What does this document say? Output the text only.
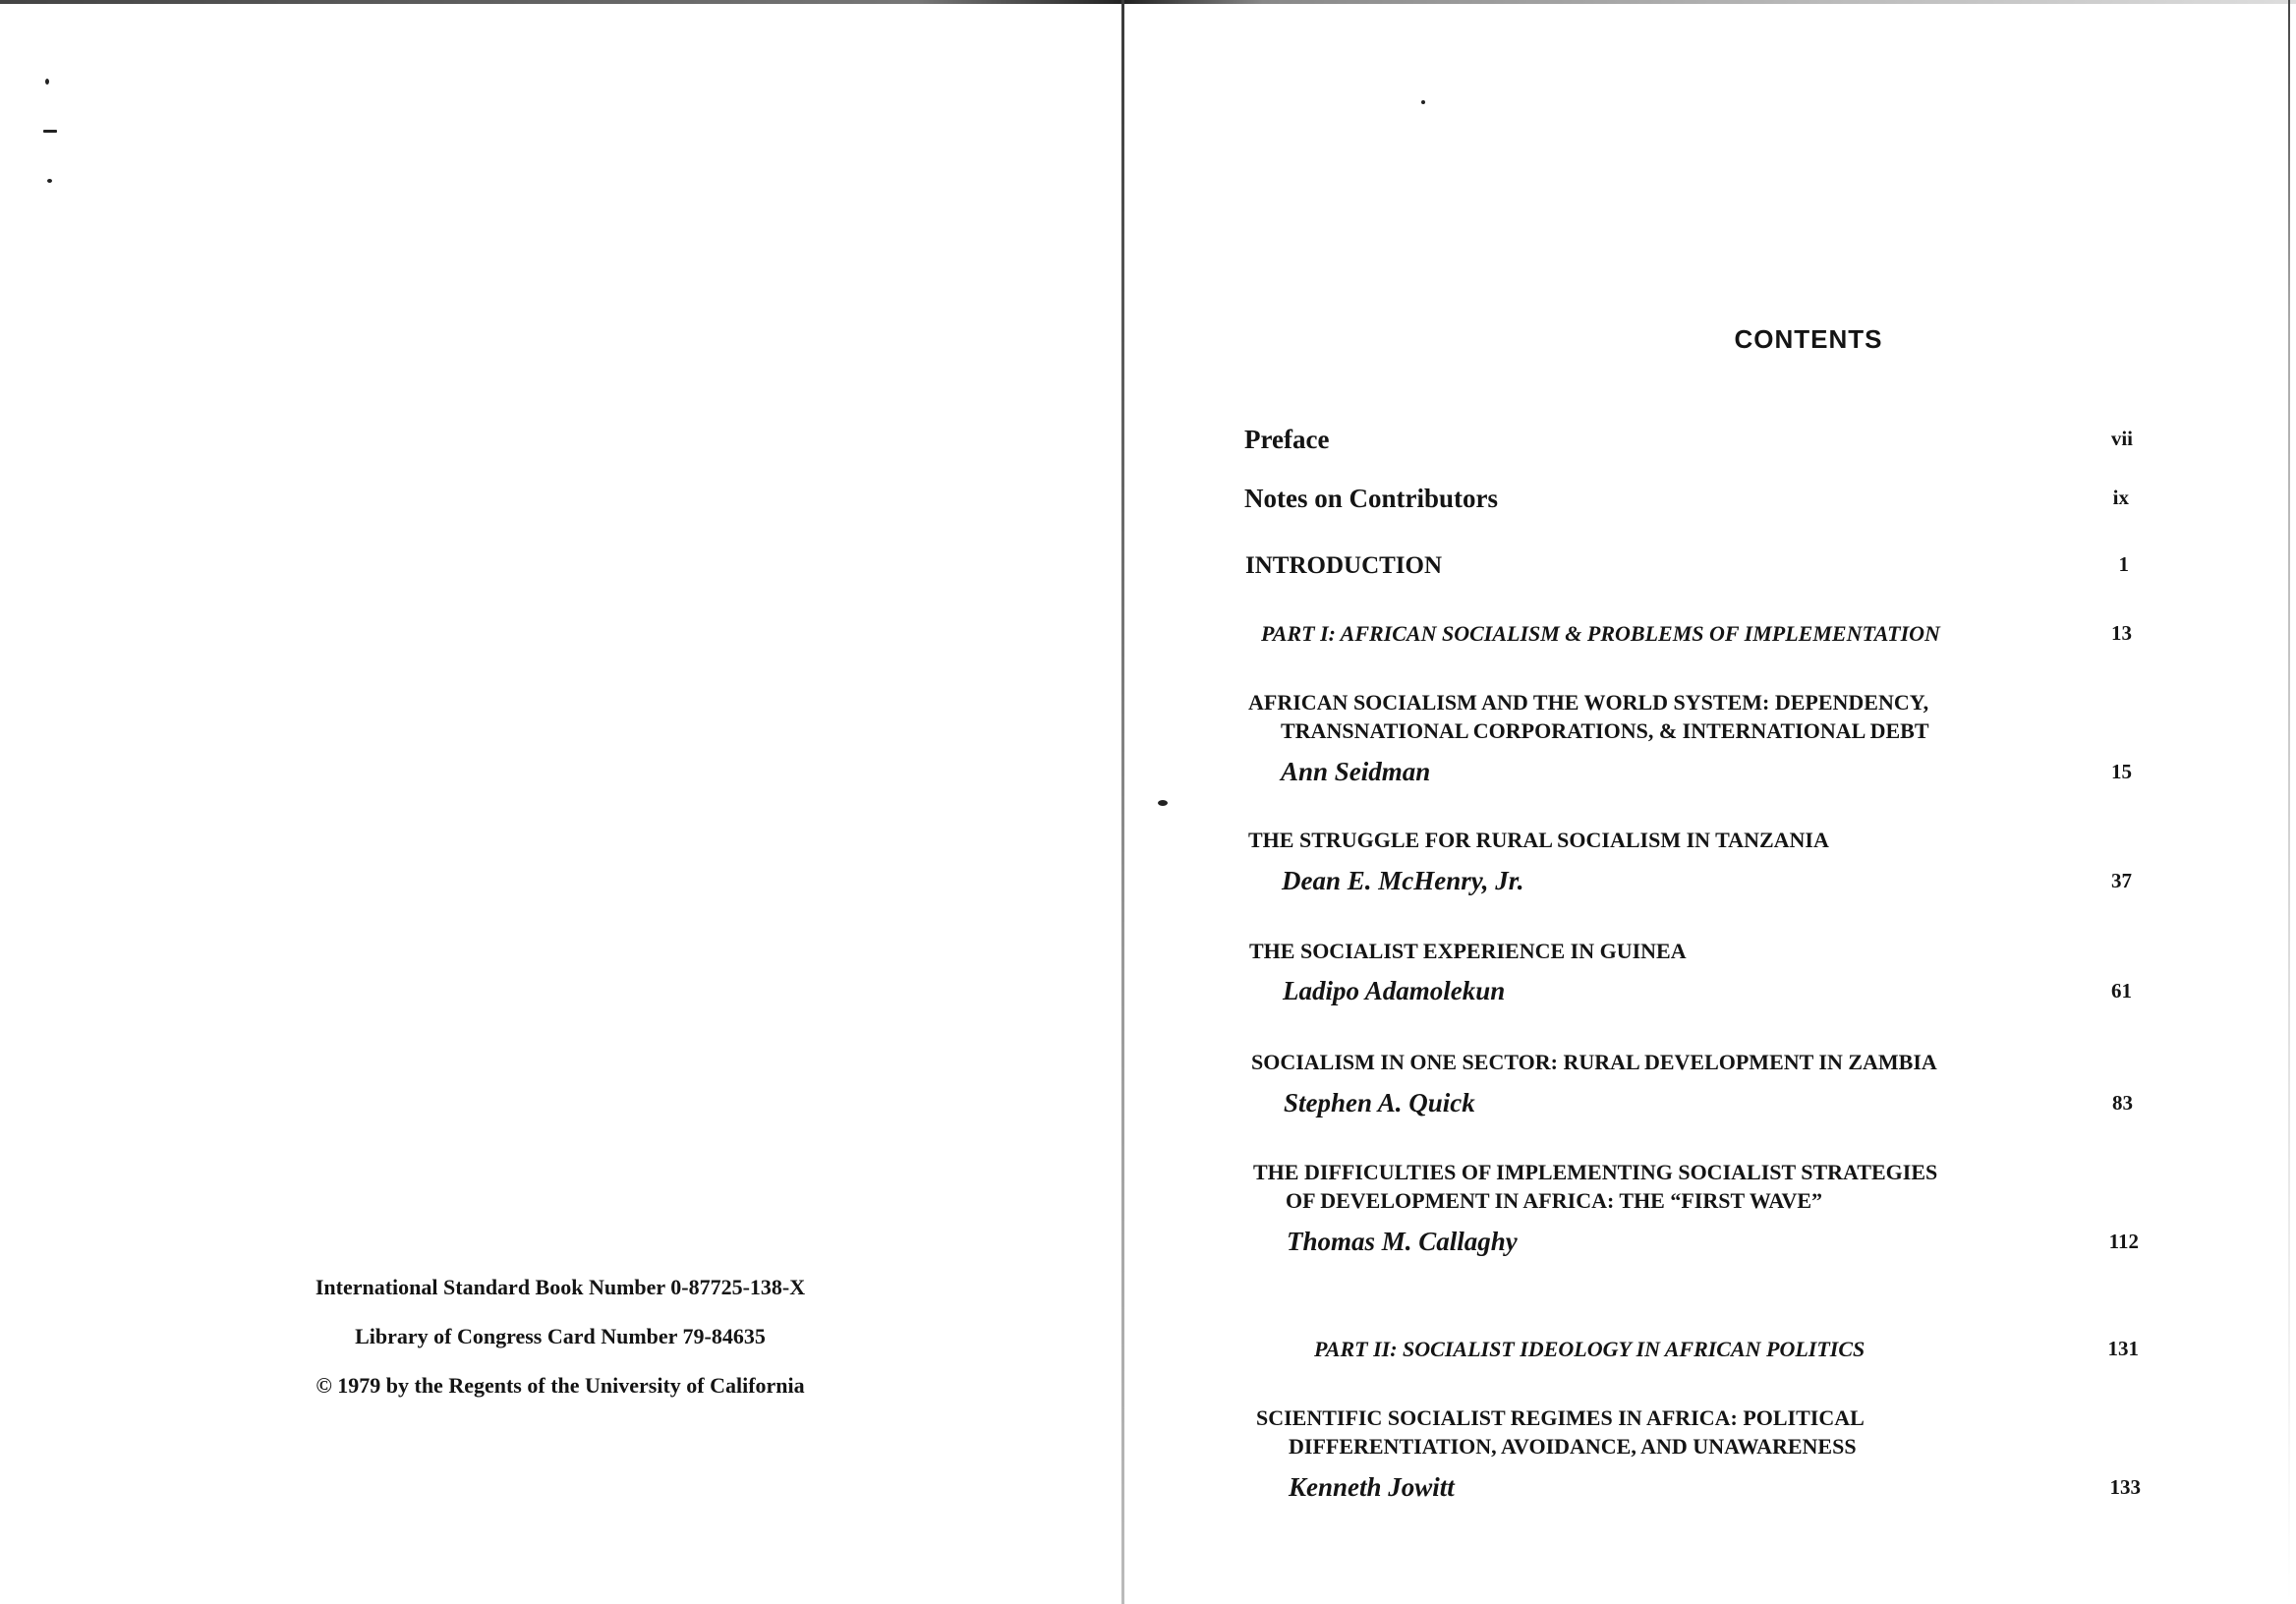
International Standard Book Number 0-87725-138-X
Library of Congress Card Number 79-84635
© 1979 by the Regents of the University of California
CONTENTS
Preface	vii
Notes on Contributors	ix
INTRODUCTION	1
PART I: AFRICAN SOCIALISM & PROBLEMS OF IMPLEMENTATION	13
AFRICAN SOCIALISM AND THE WORLD SYSTEM: DEPENDENCY,
TRANSNATIONAL CORPORATIONS, & INTERNATIONAL DEBT
Ann Seidman	15
THE STRUGGLE FOR RURAL SOCIALISM IN TANZANIA
Dean E. McHenry, Jr.	37
THE SOCIALIST EXPERIENCE IN GUINEA
Ladipo Adamolekun	61
SOCIALISM IN ONE SECTOR: RURAL DEVELOPMENT IN ZAMBIA
Stephen A. Quick	83
THE DIFFICULTIES OF IMPLEMENTING SOCIALIST STRATEGIES
OF DEVELOPMENT IN AFRICA: THE “FIRST WAVE”
Thomas M. Callaghy	112
PART II: SOCIALIST IDEOLOGY IN AFRICAN POLITICS	131
SCIENTIFIC SOCIALIST REGIMES IN AFRICA: POLITICAL
DIFFERENTIATION, AVOIDANCE, AND UNAWARENESS
Kenneth Jowitt	133
